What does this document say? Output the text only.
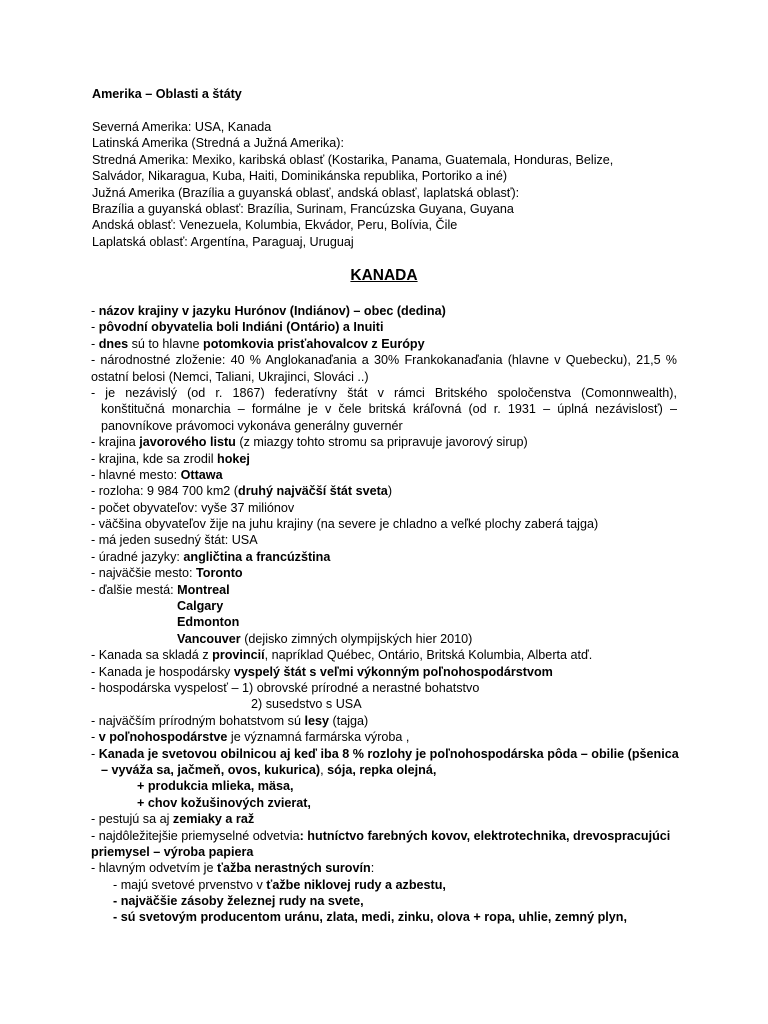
Amerika – Oblasti a štáty
Severná Amerika: USA, Kanada
Latinská Amerika (Stredná a Južná Amerika):
Stredná Amerika: Mexiko, karibská oblasť (Kostarika, Panama, Guatemala, Honduras, Belize,
Salvádor, Nikaragua, Kuba, Haiti, Dominikánska republika, Portoriko a iné)
Južná Amerika (Brazília a guyanská oblasť, andská oblasť, laplatská oblasť):
Brazília a guyanská oblasť: Brazília, Surinam, Francúzska Guyana, Guyana
Andská oblasť: Venezuela, Kolumbia, Ekvádor, Peru, Bolívia, Čile
Laplatská oblasť: Argentína, Paraguaj, Uruguaj
KANADA
- názov krajiny v jazyku Hurónov (Indiánov) – obec (dedina)
- pôvodní obyvatelia boli Indiáni (Ontário) a Inuiti
- dnes sú to hlavne potomkovia prisťahovalcov z Európy
- národnostné zloženie: 40 % Anglokanaďania a 30% Frankokanaďania (hlavne v Quebecku), 21,5 %
ostatní belosi (Nemci, Taliani, Ukrajinci, Slováci ..)
- je nezávislý (od r. 1867) federatívny štát v rámci Britského spoločenstva (Comonnwealth),
konštitučná monarchia – formálne je v čele britská kráľovná (od r. 1931 – úplná nezávislosť) –
panovníkove právomoci vykonáva generálny guvernér
- krajina javorového listu (z miazgy tohto stromu sa pripravuje javorový sirup)
- krajina, kde sa zrodil hokej
- hlavné mesto: Ottawa
- rozloha: 9 984 700 km2 (druhý najväčší štát sveta)
- počet obyvateľov: vyše 37 miliónov
- väčšina obyvateľov žije na juhu krajiny (na severe je chladno a veľké plochy zaberá tajga)
- má jeden susedný štát: USA
- úradné jazyky: angličtina a francúzština
- najväčšie mesto: Toronto
- ďalšie mestá: Montreal
Calgary
Edmonton
Vancouver (dejisko zimných olympijských hier 2010)
- Kanada sa skladá z provincií, napríklad Québec, Ontário, Britská Kolumbia, Alberta atď.
- Kanada je hospodársky vyspelý štát s veľmi výkonným poľnohospodárstvom
- hospodárska vyspelosť – 1) obrovské prírodné a nerastné bohatstvo
2) susedstvo s USA
- najväčším prírodným bohatstvom sú lesy (tajga)
- v poľnohospodárstve je významná farmárska výroba ,
- Kanada je svetovou obilnicou aj keď iba 8 % rozlohy je poľnohospodárska pôda – obilie (pšenica
– vyváža sa, jačmeň, ovos, kukurica), sója, repka olejná,
+ produkcia mlieka, mäsa,
+ chov kožušinových zvierat,
- pestujú sa aj zemiaky a raž
- najdôležitejšie priemyselné odvetvia: hutníctvo farebných kovov, elektrotechnika, drevospracujúci
priemysel – výroba papiera
- hlavným odvetvím je ťažba nerastných surovín:
- majú svetové prvenstvo v ťažbe niklovej rudy a azbestu,
- najväčšie zásoby železnej rudy na svete,
- sú svetovým producentom uránu, zlata, medi, zinku, olova + ropa, uhlie, zemný plyn,
